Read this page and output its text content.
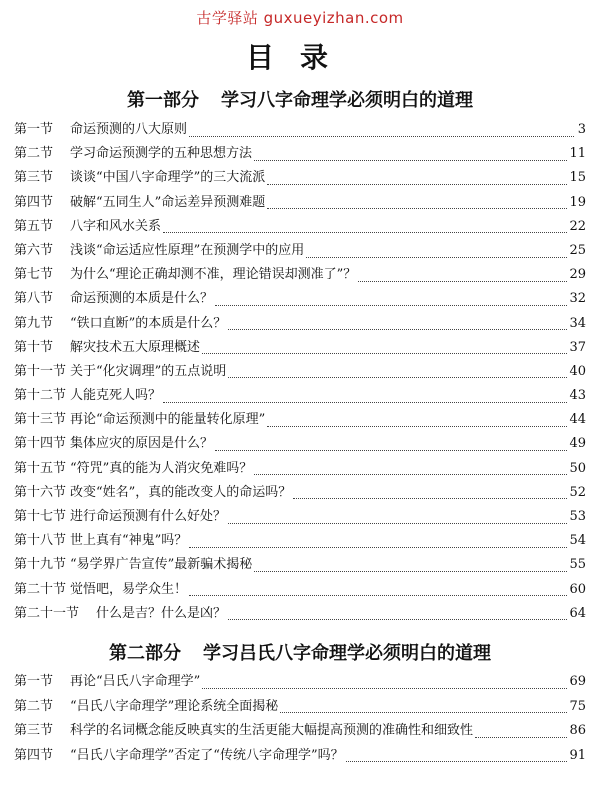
古学驿站 guxueyizhan.com
目录
第一部分 学习八字命理学必须明白的道理
第一节	命运预测的八大原则	3
第二节	学习命运预测学的五种思想方法	11
第三节	谈谈“中国八字命理学”的三大流派	15
第四节	破解“五同生人”命运差异预测难题	19
第五节	八字和风水关系	22
第六节	浅谈“命运适应性原理”在预测学中的应用	25
第七节	为什么“理论正确却测不准，理论错误却测准了”？	29
第八节	命运预测的本质是什么？	32
第九节	“铁口直断”的本质是什么？	34
第十节	解灾技术五大原理概述	37
第十一节 关于“化灾调理”的五点说明	40
第十二节 人能克死人吗？	43
第十三节 再论“命运预测中的能量转化原理”	44
第十四节 集体应灾的原因是什么？	49
第十五节 “符咒”真的能为人消灾免难吗？	50
第十六节 改变“姓名”，真的能改变人的命运吗？	52
第十七节 进行命运预测有什么好处？	53
第十八节 世上真有“神鬼”吗？	54
第十九节 “易学界广告宣传”最新骗术揭秘	55
第二十节 觉悟吧，易学众生！	60
第二十一节	什么是吉？什么是凶？	64
第二部分 学习吕氏八字命理学必须明白的道理
第一节	再论“吕氏八字命理学”	69
第二节	“吕氏八字命理学”理论系统全面揭秘	75
第三节	科学的名词概念能反映真实的生活更能大幅提高预测的准确性和细致性	86
第四节	“吕氏八字命理学”否定了“传统八字命理学”吗？	91
